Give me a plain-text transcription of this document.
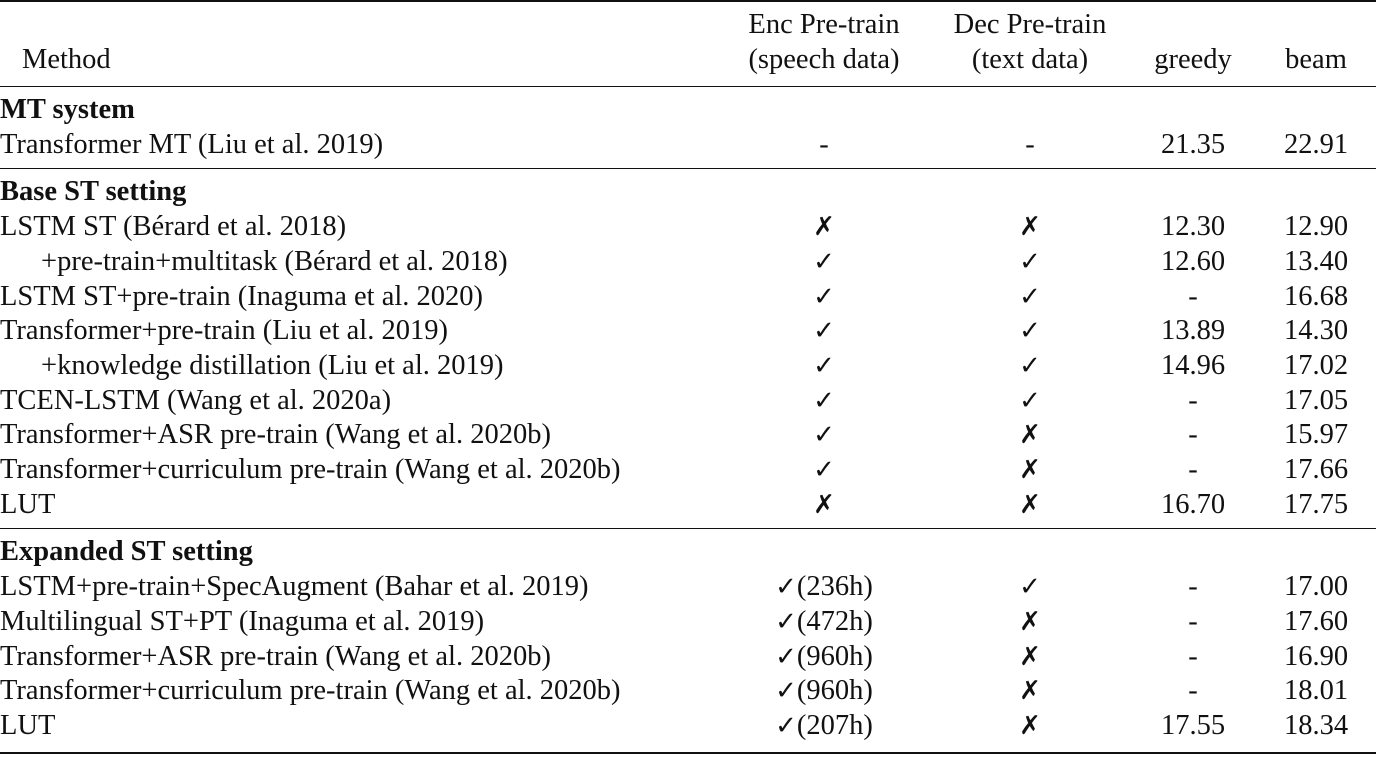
	Enc Pre-train	Dec Pre-train		
Method	(speech data)	(text data)	greedy	beam
MT system				
Transformer MT (Liu et al. 2019)	-	-	21.35	22.91
Base ST setting				
LSTM ST (Bérard et al. 2018)	✗	✗	12.30	12.90
+pre-train+multitask (Bérard et al. 2018)	✓	✓	12.60	13.40
LSTM ST+pre-train (Inaguma et al. 2020)	✓	✓	-	16.68
Transformer+pre-train (Liu et al. 2019)	✓	✓	13.89	14.30
+knowledge distillation (Liu et al. 2019)	✓	✓	14.96	17.02
TCEN-LSTM (Wang et al. 2020a)	✓	✓	-	17.05
Transformer+ASR pre-train (Wang et al. 2020b)	✓	✗	-	15.97
Transformer+curriculum pre-train (Wang et al. 2020b)	✓	✗	-	17.66
LUT	✗	✗	16.70	17.75
Expanded ST setting				
LSTM+pre-train+SpecAugment (Bahar et al. 2019)	✓(236h)	✓	-	17.00
Multilingual ST+PT (Inaguma et al. 2019)	✓(472h)	✗	-	17.60
Transformer+ASR pre-train (Wang et al. 2020b)	✓(960h)	✗	-	16.90
Transformer+curriculum pre-train (Wang et al. 2020b)	✓(960h)	✗	-	18.01
LUT	✓(207h)	✗	17.55	18.34
